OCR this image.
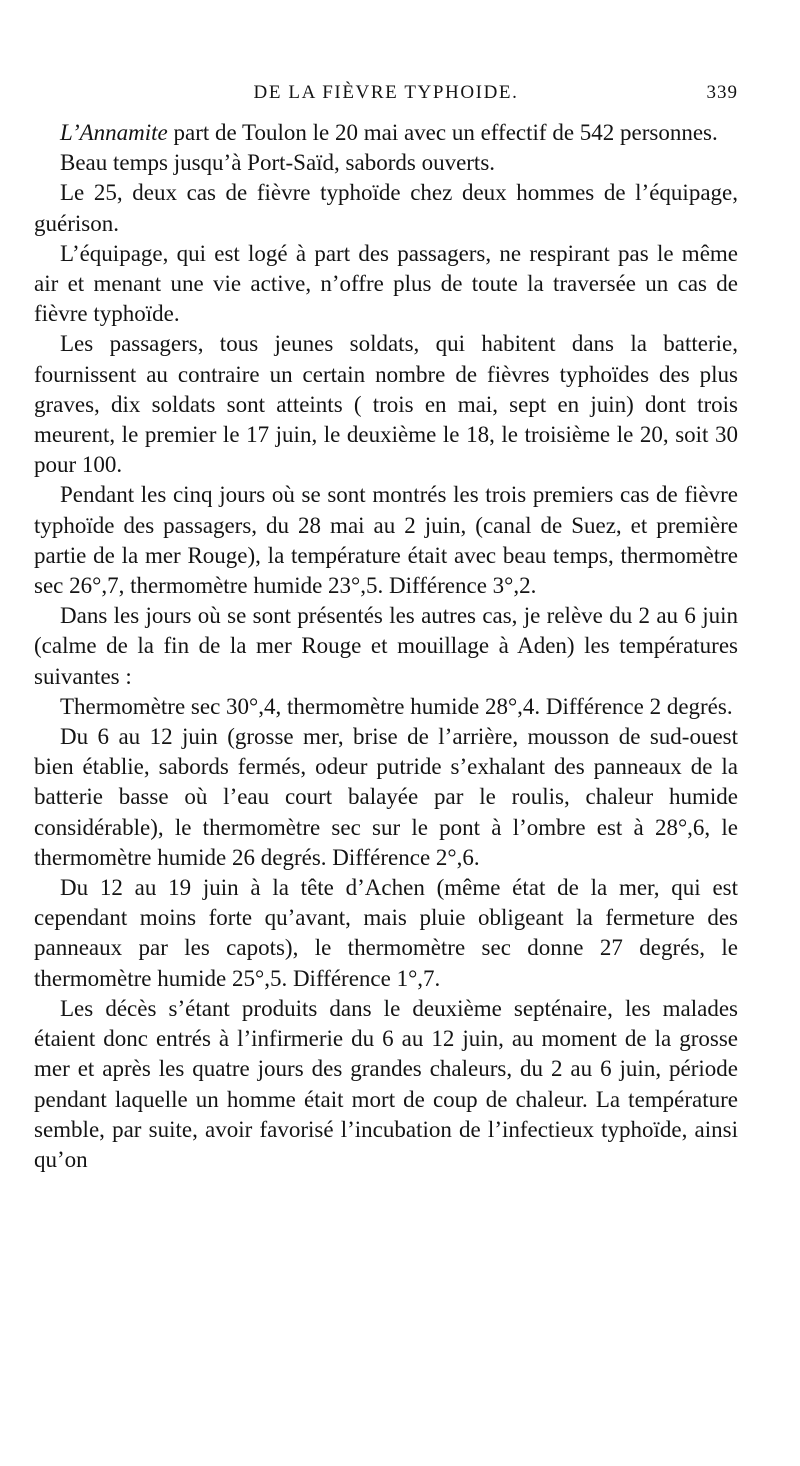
DE LA FIÈVRE TYPHOIDE.	339

L’Annamite part de Toulon le 20 mai avec un effectif de 542 personnes.

Beau temps jusqu’à Port-Saïd, sabords ouverts.

Le 25, deux cas de fièvre typhoïde chez deux hommes de l’équipage, guérison.

L’équipage, qui est logé à part des passagers, ne respirant pas le même air et menant une vie active, n’offre plus de toute la traversée un cas de fièvre typhoïde.

Les passagers, tous jeunes soldats, qui habitent dans la batterie, fournissent au contraire un certain nombre de fièvres typhoïdes des plus graves, dix soldats sont atteints ( trois en mai, sept en juin) dont trois meurent, le premier le 17 juin, le deuxième le 18, le troisième le 20, soit 30 pour 100.

Pendant les cinq jours où se sont montrés les trois premiers cas de fièvre typhoïde des passagers, du 28 mai au 2 juin, (canal de Suez, et première partie de la mer Rouge), la température était avec beau temps, thermomètre sec 26°,7, thermomètre humide 23°,5. Différence 3°,2.

Dans les jours où se sont présentés les autres cas, je relève du 2 au 6 juin (calme de la fin de la mer Rouge et mouillage à Aden) les températures suivantes :

Thermomètre sec 30°,4, thermomètre humide 28°,4. Différence 2 degrés.

Du 6 au 12 juin (grosse mer, brise de l’arrière, mousson de sud-ouest bien établie, sabords fermés, odeur putride s’exhalant des panneaux de la batterie basse où l’eau court balayée par le roulis, chaleur humide considérable), le thermomètre sec sur le pont à l’ombre est à 28°,6, le thermomètre humide 26 degrés. Différence 2°,6.

Du 12 au 19 juin à la tête d’Achen (même état de la mer, qui est cependant moins forte qu’avant, mais pluie obligeant la fermeture des panneaux par les capots), le thermomètre sec donne 27 degrés, le thermomètre humide 25°,5. Différence 1°,7.

Les décès s’étant produits dans le deuxième septénaire, les malades étaient donc entrés à l’infirmerie du 6 au 12 juin, au moment de la grosse mer et après les quatre jours des grandes chaleurs, du 2 au 6 juin, période pendant laquelle un homme était mort de coup de chaleur. La température semble, par suite, avoir favorisé l’incubation de l’infectieux typhoïde, ainsi qu’on
